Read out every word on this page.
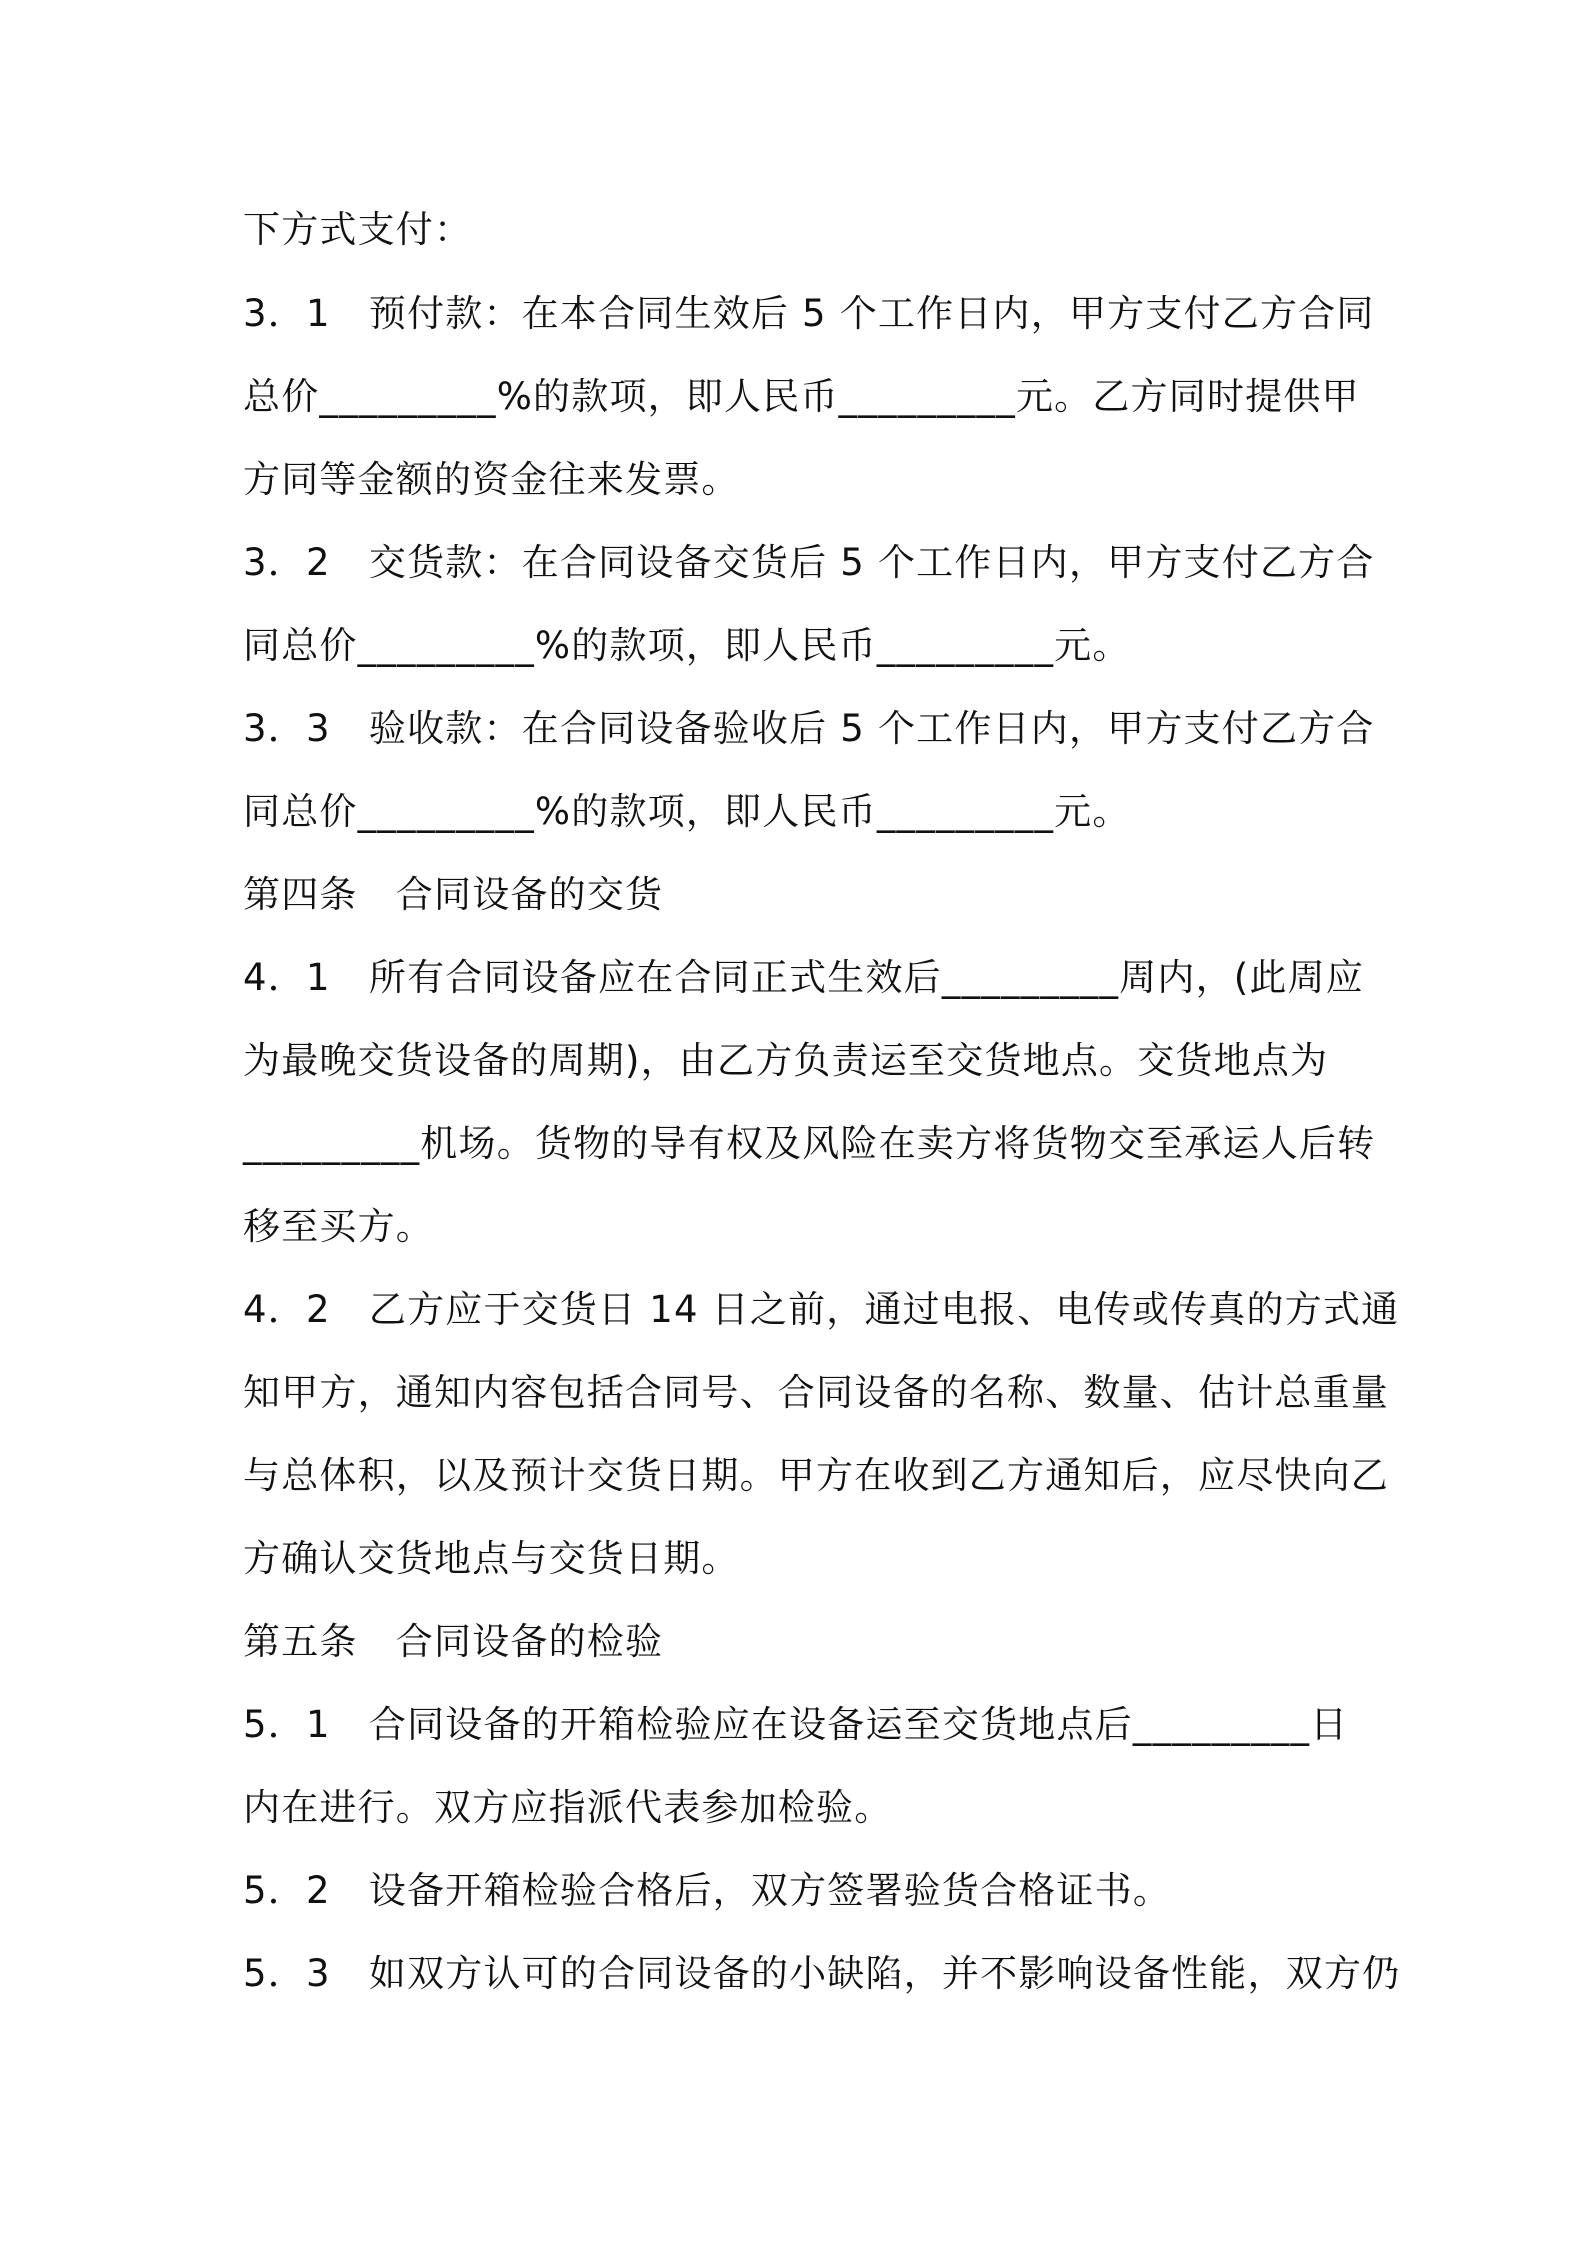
下方式支付：
3．1　预付款：在本合同生效后 5 个工作日内，甲方支付乙方合同
总价_________%的款项，即人民币_________元。乙方同时提供甲
方同等金额的资金往来发票。
3．2　交货款：在合同设备交货后 5 个工作日内，甲方支付乙方合
同总价_________%的款项，即人民币_________元。
3．3　验收款：在合同设备验收后 5 个工作日内，甲方支付乙方合
同总价_________%的款项，即人民币_________元。
第四条　合同设备的交货
4．1　所有合同设备应在合同正式生效后_________周内，(此周应
为最晚交货设备的周期)，由乙方负责运至交货地点。交货地点为
_________机场。货物的导有权及风险在卖方将货物交至承运人后转
移至买方。
4．2　乙方应于交货日 14 日之前，通过电报、电传或传真的方式通
知甲方，通知内容包括合同号、合同设备的名称、数量、估计总重量
与总体积，以及预计交货日期。甲方在收到乙方通知后，应尽快向乙
方确认交货地点与交货日期。
第五条　合同设备的检验
5．1　合同设备的开箱检验应在设备运至交货地点后_________日
内在进行。双方应指派代表参加检验。
5．2　设备开箱检验合格后，双方签署验货合格证书。
5．3　如双方认可的合同设备的小缺陷，并不影响设备性能，双方仍
